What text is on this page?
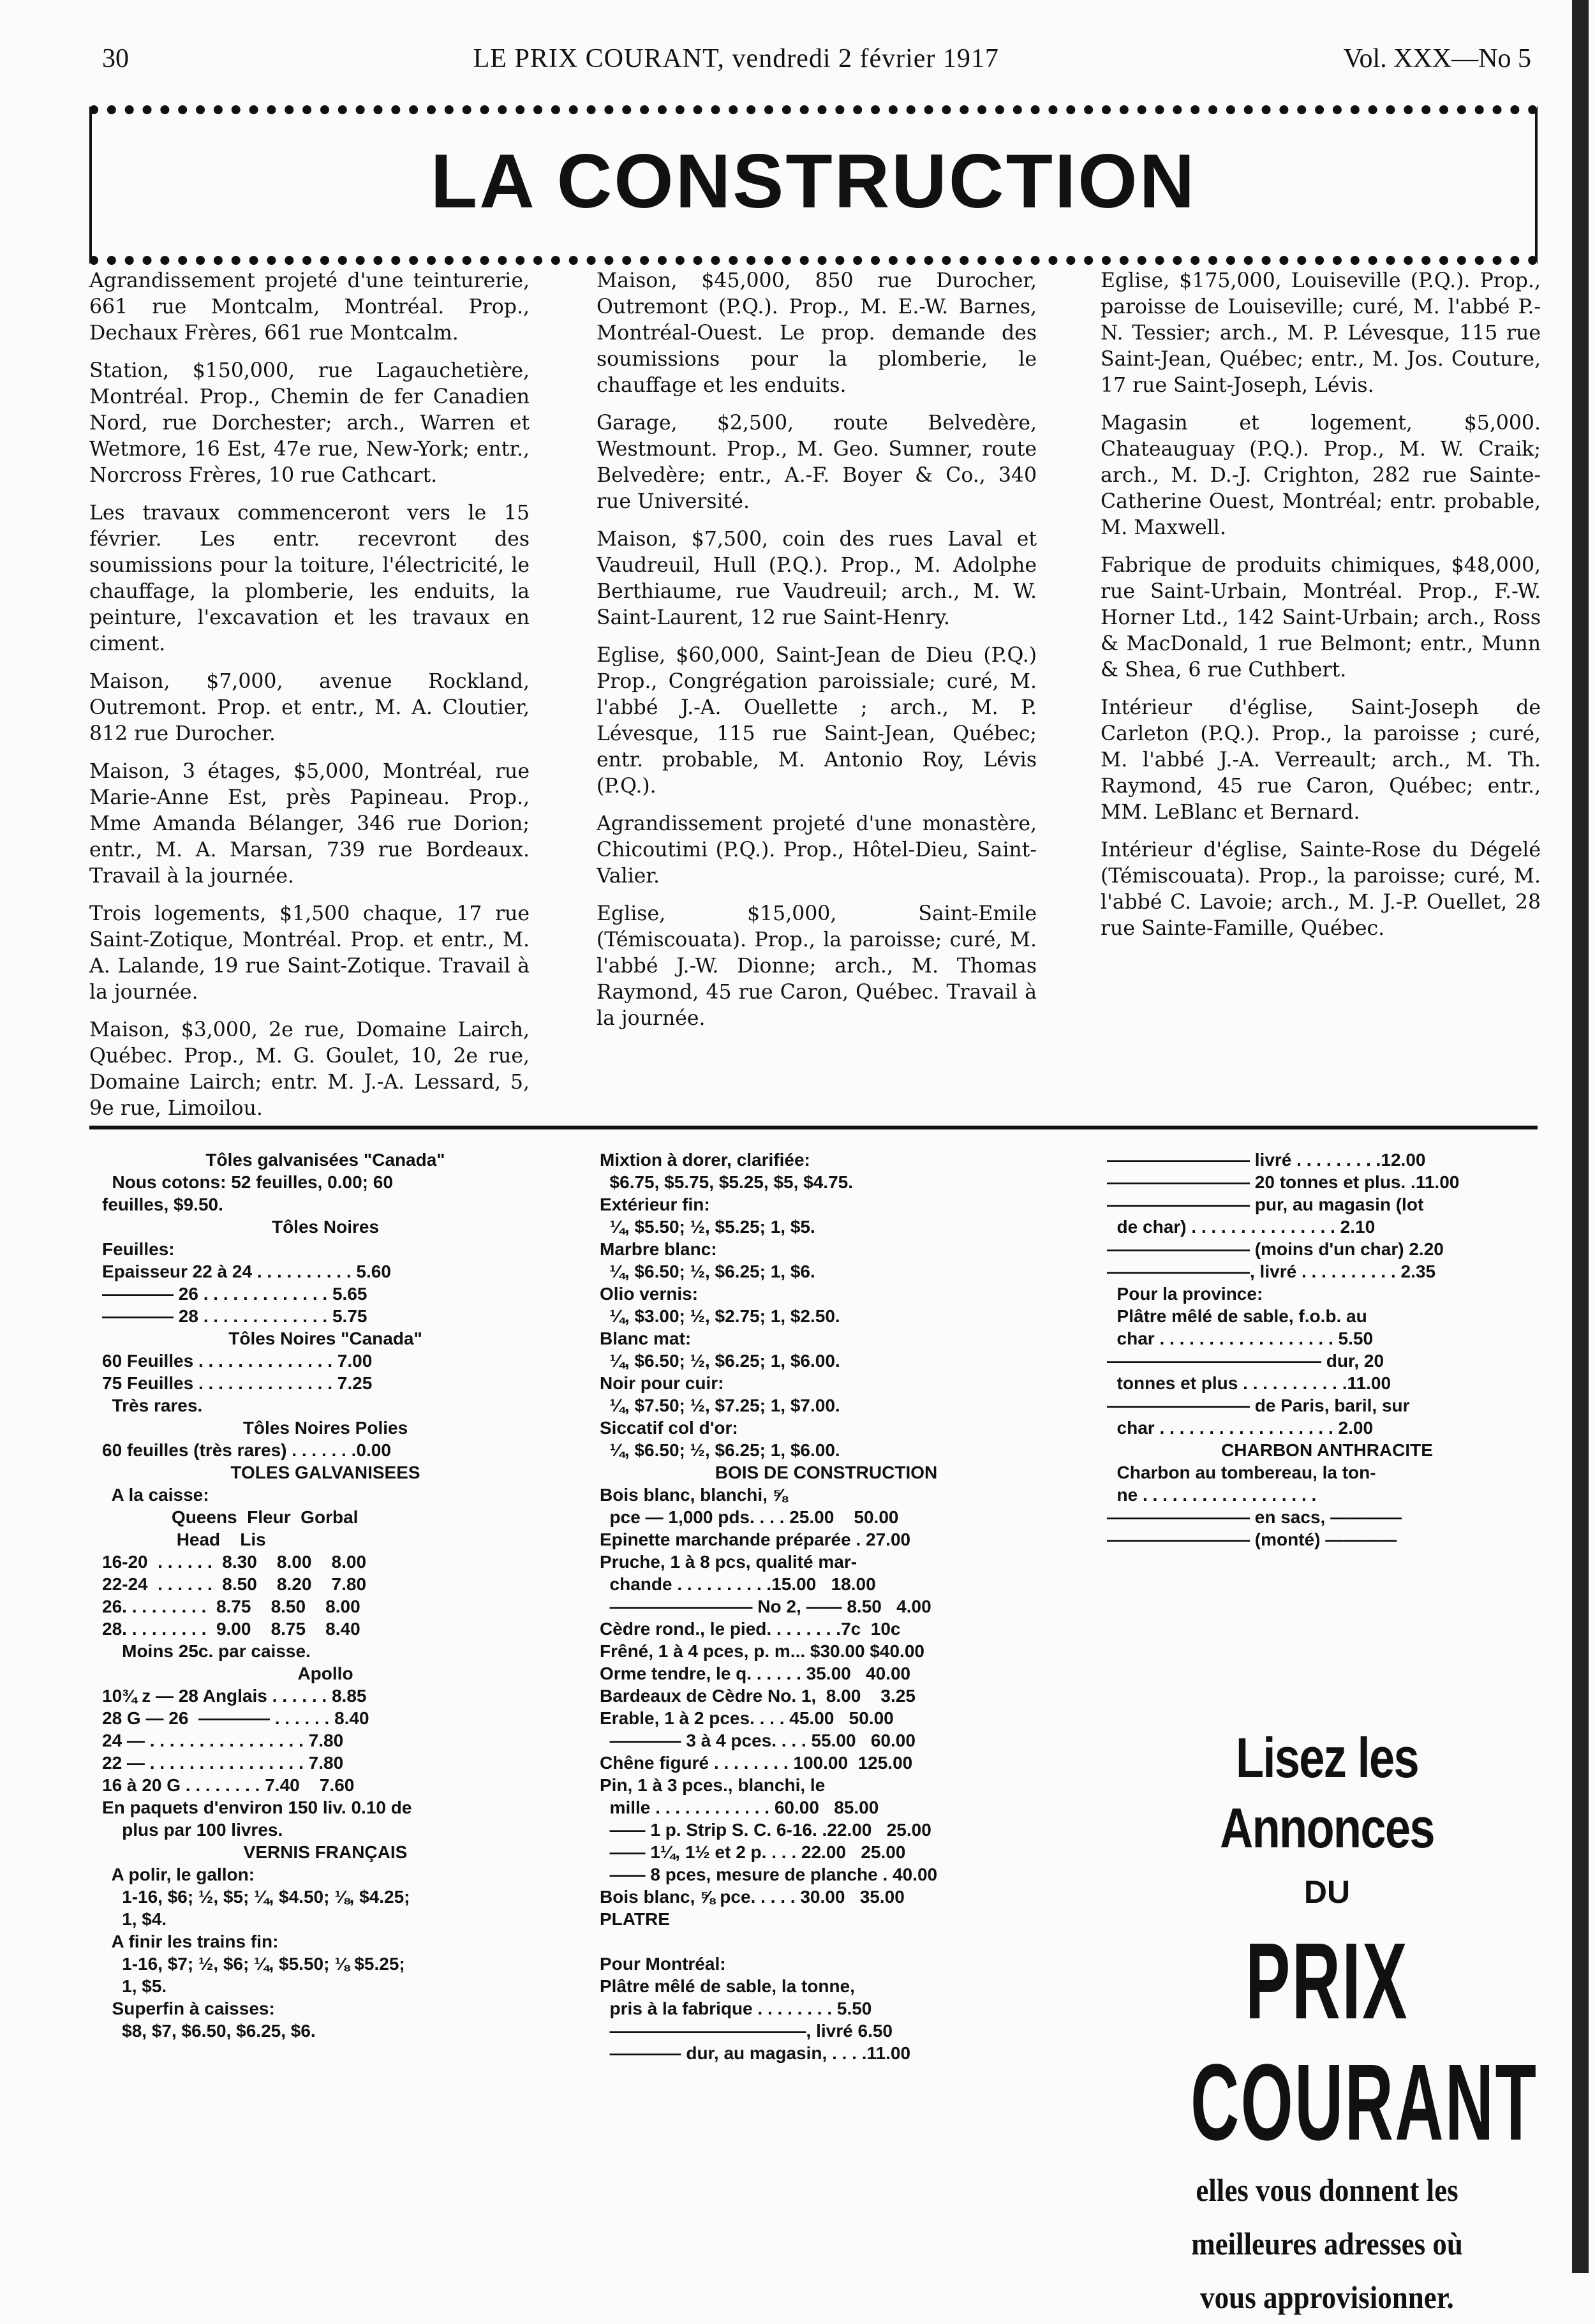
30	LE PRIX COURANT, vendredi 2 février 1917	Vol. XXX—No 5
LA CONSTRUCTION

Agrandissement projeté d'une teinturerie, 661 rue Montcalm, Montréal. Prop., Dechaux Frères, 661 rue Montcalm.

Station, $150,000, rue Lagauchetière, Montréal. Prop., Chemin de fer Canadien Nord, rue Dorchester; arch., Warren et Wetmore, 16 Est, 47e rue, New-York; entr., Norcross Frères, 10 rue Cathcart.

Les travaux commenceront vers le 15 février. Les entr. recevront des soumissions pour la toiture, l'électricité, le chauffage, la plomberie, les enduits, la peinture, l'excavation et les travaux en ciment.

Maison, $7,000, avenue Rockland, Outremont. Prop. et entr., M. A. Cloutier, 812 rue Durocher.

Maison, 3 étages, $5,000, Montréal, rue Marie-Anne Est, près Papineau. Prop., Mme Amanda Bélanger, 346 rue Dorion; entr., M. A. Marsan, 739 rue Bordeaux. Travail à la journée.

Trois logements, $1,500 chaque, 17 rue Saint-Zotique, Montréal. Prop. et entr., M. A. Lalande, 19 rue Saint-Zotique. Travail à la journée.

Maison, $3,000, 2e rue, Domaine Lairch, Québec. Prop., M. G. Goulet, 10, 2e rue, Domaine Lairch; entr. M. J.-A. Lessard, 5, 9e rue, Limoilou.

Maison, $45,000, 850 rue Durocher, Outremont (P.Q.). Prop., M. E.-W. Barnes, Montréal-Ouest. Le prop. demande des soumissions pour la plomberie, le chauffage et les enduits.

Garage, $2,500, route Belvedère, Westmount. Prop., M. Geo. Sumner, route Belvedère; entr., A.-F. Boyer & Co., 340 rue Université.

Maison, $7,500, coin des rues Laval et Vaudreuil, Hull (P.Q.). Prop., M. Adolphe Berthiaume, rue Vaudreuil; arch., M. W. Saint-Laurent, 12 rue Saint-Henry.

Eglise, $60,000, Saint-Jean de Dieu (P.Q.) Prop., Congrégation paroissiale; curé, M. l'abbé J.-A. Ouellette ; arch., M. P. Lévesque, 115 rue Saint-Jean, Québec; entr. probable, M. Antonio Roy, Lévis (P.Q.).

Agrandissement projeté d'une monastère, Chicoutimi (P.Q.). Prop., Hôtel-Dieu, Saint-Valier.

Eglise, $15,000, Saint-Emile (Témiscouata). Prop., la paroisse; curé, M. l'abbé J.-W. Dionne; arch., M. Thomas Raymond, 45 rue Caron, Québec. Travail à la journée.

Eglise, $175,000, Louiseville (P.Q.). Prop., paroisse de Louiseville; curé, M. l'abbé P.-N. Tessier; arch., M. P. Lévesque, 115 rue Saint-Jean, Québec; entr., M. Jos. Couture, 17 rue Saint-Joseph, Lévis.

Magasin et logement, $5,000. Chateauguay (P.Q.). Prop., M. W. Craik; arch., M. D.-J. Crighton, 282 rue Sainte-Catherine Ouest, Montréal; entr. probable, M. Maxwell.

Fabrique de produits chimiques, $48,000, rue Saint-Urbain, Montréal. Prop., F.-W. Horner Ltd., 142 Saint-Urbain; arch., Ross & MacDonald, 1 rue Belmont; entr., Munn & Shea, 6 rue Cuthbert.

Intérieur d'église, Saint-Joseph de Carleton (P.Q.). Prop., la paroisse ; curé, M. l'abbé J.-A. Verreault; arch., M. Th. Raymond, 45 rue Caron, Québec; entr., MM. LeBlanc et Bernard.

Intérieur d'église, Sainte-Rose du Dégelé (Témiscouata). Prop., la paroisse; curé, M. l'abbé C. Lavoie; arch., M. J.-P. Ouellet, 28 rue Sainte-Famille, Québec.

Tôles galvanisées "Canada"
Nous cotons: 52 feuilles, 0.00; 60
feuilles, $9.50.
Tôles Noires
Feuilles:
Epaisseur 22 à 24 . . . . . . . . . . 5.60
———— 26 . . . . . . . . . . . . . 5.65
———— 28 . . . . . . . . . . . . . 5.75
Tôles Noires "Canada"
60 Feuilles . . . . . . . . . . . . . . 7.00
75 Feuilles . . . . . . . . . . . . . . 7.25
Très rares.
Tôles Noires Polies
60 feuilles (très rares) . . . . . . .0.00
TOLES GALVANISEES
A la caisse:
Queens  Fleur  Gorbal
Head    Lis
16-20  . . . . . .  8.30    8.00    8.00
22-24  . . . . . .  8.50    8.20    7.80
26. . . . . . . . .  8.75    8.50    8.00
28. . . . . . . . .  9.00    8.75    8.40
Moins 25c. par caisse.
Apollo
10¾ z — 28 Anglais . . . . . . 8.85
28 G — 26  ———— . . . . . . 8.40
24 — . . . . . . . . . . . . . . . . 7.80
22 — . . . . . . . . . . . . . . . . 7.80
16 à 20 G . . . . . . . . 7.40    7.60
En paquets d'environ 150 liv. 0.10 de
plus par 100 livres.
VERNIS FRANÇAIS
A polir, le gallon:
1-16, $6; ½, $5; ¼, $4.50; ⅛, $4.25;
1, $4.
A finir les trains fin:
1-16, $7; ½, $6; ¼, $5.50; ⅛ $5.25;
1, $5.
Superfin à caisses:
$8, $7, $6.50, $6.25, $6.
Mixtion à dorer, clarifiée:
$6.75, $5.75, $5.25, $5, $4.75.
Extérieur fin:
¼, $5.50; ½, $5.25; 1, $5.
Marbre blanc:
¼, $6.50; ½, $6.25; 1, $6.
Olio vernis:
¼, $3.00; ½, $2.75; 1, $2.50.
Blanc mat:
¼, $6.50; ½, $6.25; 1, $6.00.
Noir pour cuir:
¼, $7.50; ½, $7.25; 1, $7.00.
Siccatif col d'or:
¼, $6.50; ½, $6.25; 1, $6.00.
BOIS DE CONSTRUCTION
Bois blanc, blanchi, ⅝
pce — 1,000 pds. . . . 25.00    50.00
Epinette marchande préparée . 27.00
Pruche, 1 à 8 pcs, qualité mar-
chande . . . . . . . . . .15.00   18.00
———————— No 2, —— 8.50   4.00
Cèdre rond., le pied. . . . . . . .7c  10c
Frêné, 1 à 4 pces, p. m... $30.00 $40.00
Orme tendre, le q. . . . . . 35.00   40.00
Bardeaux de Cèdre No. 1,  8.00    3.25
Erable, 1 à 2 pces. . . . 45.00   50.00
———— 3 à 4 pces. . . . 55.00   60.00
Chêne figuré . . . . . . . . 100.00  125.00
Pin, 1 à 3 pces., blanchi, le
mille . . . . . . . . . . . . 60.00   85.00
—— 1 p. Strip S. C. 6-16. .22.00   25.00
—— 1¼, 1½ et 2 p. . . . 22.00   25.00
—— 8 pces, mesure de planche . 40.00
Bois blanc, ⅝ pce. . . . . 30.00   35.00
PLATRE

Pour Montréal:
Plâtre mêlé de sable, la tonne,
pris à la fabrique . . . . . . . . 5.50
———————————, livré 6.50
———— dur, au magasin, . . . .11.00
———————— livré . . . . . . . . .12.00
———————— 20 tonnes et plus. .11.00
———————— pur, au magasin (lot
de char) . . . . . . . . . . . . . . . 2.10
———————— (moins d'un char) 2.20
————————, livré . . . . . . . . . . 2.35
Pour la province:
Plâtre mêlé de sable, f.o.b. au
char . . . . . . . . . . . . . . . . . . 5.50
———————————— dur, 20
tonnes et plus . . . . . . . . . . .11.00
———————— de Paris, baril, sur
char . . . . . . . . . . . . . . . . . . 2.00
CHARBON ANTHRACITE
Charbon au tombereau, la ton-
ne . . . . . . . . . . . . . . . . . .
———————— en sacs, ————
———————— (monté) ————
Lisez les Annonces
DU
PRIX COURANT
elles vous donnent les
meilleures adresses où
vous approvisionner.
